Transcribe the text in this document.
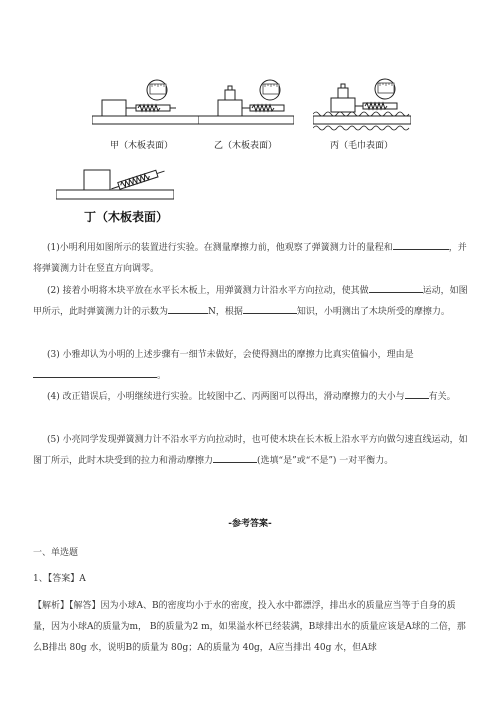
甲（木板表面）	乙（木板表面）	丙（毛巾表面）
丁（木板表面）
(1)小明利用如图所示的装置进行实验。在测量摩擦力前，他观察了弹簧测力计的量程和	，并将弹簧测力计在竖直方向调零。
(2) 接着小明将木块平放在水平长木板上，用弹簧测力计沿水平方向拉动，使其做	运动，如图甲所示，此时弹簧测力计的示数为	N，根据	知识，小明测出了木块所受的摩擦力。
(3) 小雅却认为小明的上述步骤有一细节未做好，会使得测出的摩擦力比真实值偏小，理由是。
(4) 改正错误后，小明继续进行实验。比较图中乙、丙两图可以得出，滑动摩擦力的大小与	有关。
(5) 小亮同学发现弹簧测力计不沿水平方向拉动时，也可使木块在长木板上沿水平方向做匀速直线运动，如图丁所示，此时木块受到的拉力和滑动摩擦力	(选填“是”或“不是”) 一对平衡力。
-参考答案-
一、单选题
1、【答案】A
【解析】【解答】因为小球A、B的密度均小于水的密度，投入水中都漂浮，排出水的质量应当等于自身的质量，因为小球A的质量为m， B的质量为2 m，如果溢水杯已经装满，B球排出水的质量应该是A球的二倍，那么B排出 80g 水，说明B的质量为 80g；A的质量为 40g，A应当排出 40g 水，但A球
